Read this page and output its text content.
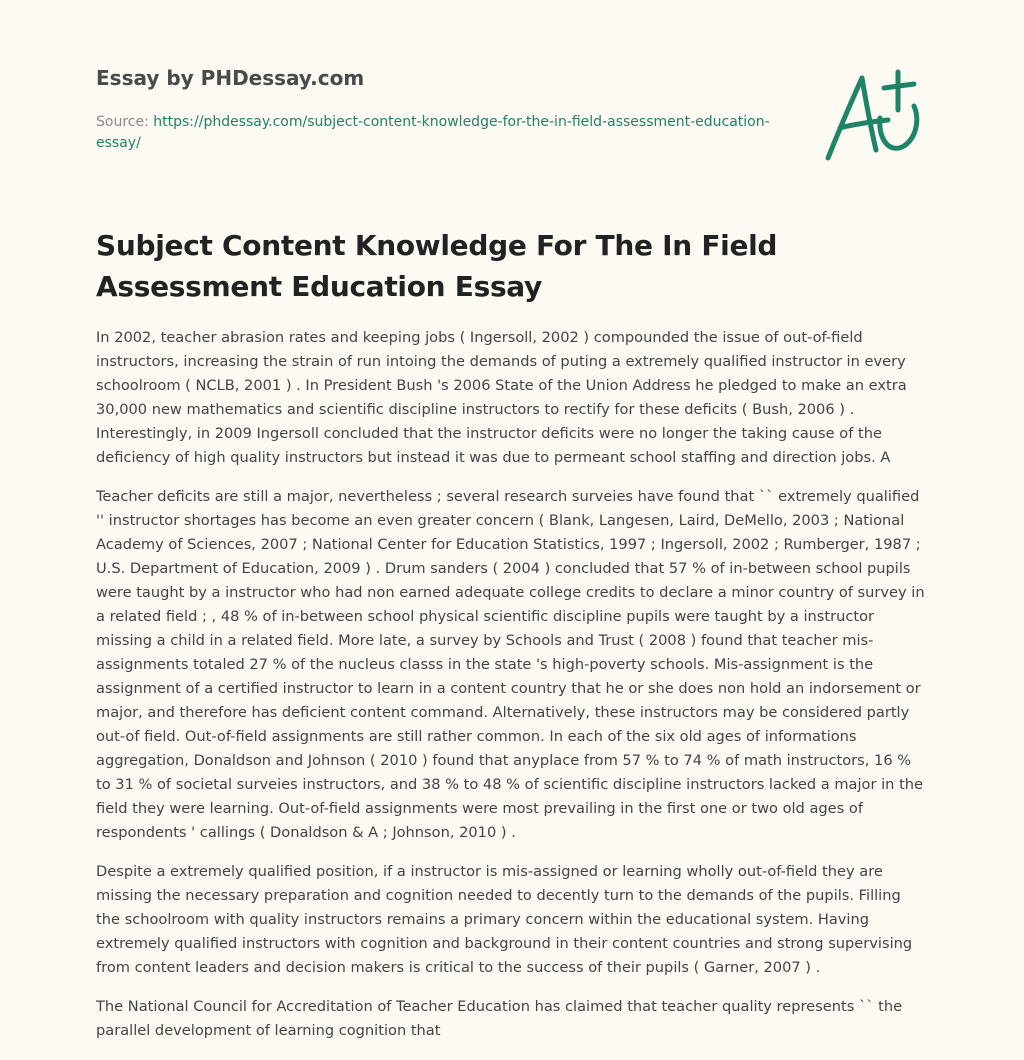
Essay by PHDessay.com
Source: https://phdessay.com/subject-content-knowledge-for-the-in-field-assessment-education-essay/
Subject Content Knowledge For The In Field Assessment Education Essay

In 2002, teacher abrasion rates and keeping jobs ( Ingersoll, 2002 ) compounded the issue of out-of-field instructors, increasing the strain of run intoing the demands of puting a extremely qualified instructor in every schoolroom ( NCLB, 2001 ) . In President Bush 's 2006 State of the Union Address he pledged to make an extra 30,000 new mathematics and scientific discipline instructors to rectify for these deficits ( Bush, 2006 ) . Interestingly, in 2009 Ingersoll concluded that the instructor deficits were no longer the taking cause of the deficiency of high quality instructors but instead it was due to permeant school staffing and direction jobs. A

Teacher deficits are still a major, nevertheless ; several research surveies have found that `` extremely qualified '' instructor shortages has become an even greater concern ( Blank, Langesen, Laird, DeMello, 2003 ; National Academy of Sciences, 2007 ; National Center for Education Statistics, 1997 ; Ingersoll, 2002 ; Rumberger, 1987 ; U.S. Department of Education, 2009 ) . Drum sanders ( 2004 ) concluded that 57 % of in-between school pupils were taught by a instructor who had non earned adequate college credits to declare a minor country of survey in a related field ; , 48 % of in-between school physical scientific discipline pupils were taught by a instructor missing a child in a related field. More late, a survey by Schools and Trust ( 2008 ) found that teacher mis-assignments totaled 27 % of the nucleus classs in the state 's high-poverty schools. Mis-assignment is the assignment of a certified instructor to learn in a content country that he or she does non hold an indorsement or major, and therefore has deficient content command. Alternatively, these instructors may be considered partly out-of field. Out-of-field assignments are still rather common. In each of the six old ages of informations aggregation, Donaldson and Johnson ( 2010 ) found that anyplace from 57 % to 74 % of math instructors, 16 % to 31 % of societal surveies instructors, and 38 % to 48 % of scientific discipline instructors lacked a major in the field they were learning. Out-of-field assignments were most prevailing in the first one or two old ages of respondents ' callings ( Donaldson & A ; Johnson, 2010 ) .

Despite a extremely qualified position, if a instructor is mis-assigned or learning wholly out-of-field they are missing the necessary preparation and cognition needed to decently turn to the demands of the pupils. Filling the schoolroom with quality instructors remains a primary concern within the educational system. Having extremely qualified instructors with cognition and background in their content countries and strong supervising from content leaders and decision makers is critical to the success of their pupils ( Garner, 2007 ) .

The National Council for Accreditation of Teacher Education has claimed that teacher quality represents `` the parallel development of learning cognition that
